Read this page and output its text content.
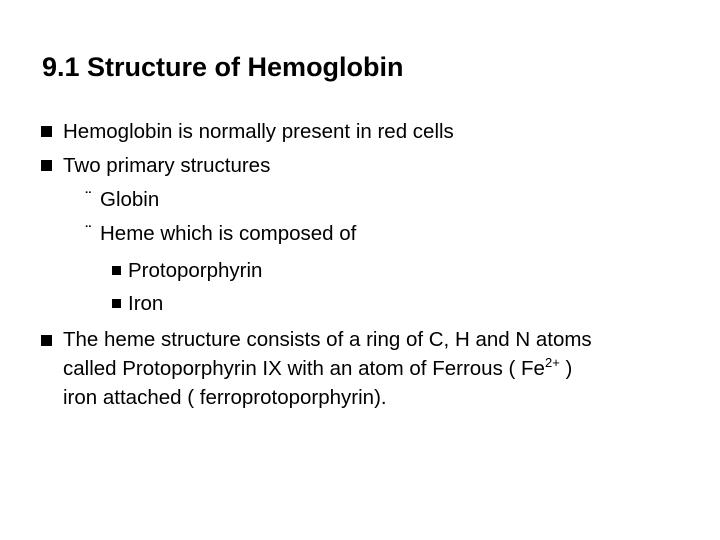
9.1 Structure of Hemoglobin
Hemoglobin is normally present in red cells
Two primary structures
¨ Globin
¨ Heme which is composed of
Protoporphyrin
Iron
The heme structure consists of a ring of C, H and N atoms
called Protoporphyrin IX with an atom of Ferrous ( $Fe^{2+}$ )
iron attached ( ferroprotoporphyrin).
